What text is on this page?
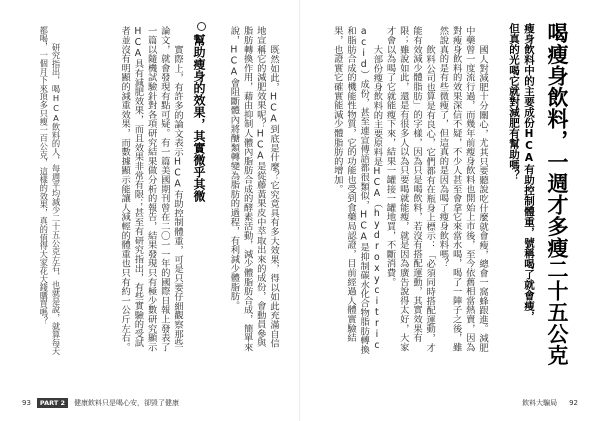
喝瘦身飲料，一週才多瘦二十五公克
瘦身飲料中的主要成份HCA有助控制體重，號稱喝了就會瘦，
但真的光喝它就對減肥有幫助嗎？

國人對減肥十分關心，尤其只要聽說吃什麼就會瘦，總會一窩蜂跟進。減肥中藥曾一度流行過，而幾年前瘦身飲料也開始上市後，至今依舊相當熱賣，因為對瘦身飲料的效果深信不疑，不少人甚至會拿它來當水喝，喝了一陣子之後，雖然說真的是有些微瘦了，但這真的是因為喝了瘦身飲料嗎？

飲料公司也算是有良心，它們都有在瓶身上標示：「必須同時搭配運動，才能有效減少體脂肪」的字樣，因為只是喝飲料，若沒有搭配運動，其實效果有限；雖說如此，還是有很多人以為只要喝就能瘦，就是因為廣告說得太好，大家才會以為喝了它就能瘦下來，結果一罐接一罐地買，不斷消費。

大部份瘦身飲料的主要原料是HCA（hydroxycitric acid）成份，甚至連宣傳語都很類似，HCA是抑制碳水化合物脂肪轉換和脂肪合成的機能性物質，它的功能也受到食藥局認證，目前經過人體實驗結果，也證實它確實能減少體脂肪的增加。

既然如此，HCA到底是什麼？它究竟具有多大效果，得以如此充滿自信地宣稱它的減肥效果呢？HCA是從藤黃果皮中萃取出來的成份，會動員參與脂肪轉換作用，藉由抑制人體內脂肪合成的酵素活動，減少體脂肪合成，簡單來說，HCA會阻斷體內將醣類轉變為脂肪的過程，有利減少體脂肪。

幫助瘦身的效果，其實微乎其微

實際上，有許多的論文表示HCA有助控制體重，可是只要仔細觀察那些論文，就會發現有點可疑。有一篇美國期刊曾在二〇一一年的國際日報上發表了一篇以隨機試驗針對各項研究結果做分析的報告，結果發現只有極少數研究顯示HCA具有減肥效果，而且效果非常有限；甚至有研究指出，有些實驗的受試者並沒有明顯的減重效果，而數據顯示能讓人減輕的體重也只有約一公斤左右。

研究指出，喝HCA飲料的人，每週平均減少二十五公克左右，也就是說，就算每天都喝，一個月下來頂多只瘦一百公克，這樣的效果，真的值得大家花大錢購買嗎？

93	PART 2	健康飲料只是喝心安，卻毀了健康	飲料大騙局 92
